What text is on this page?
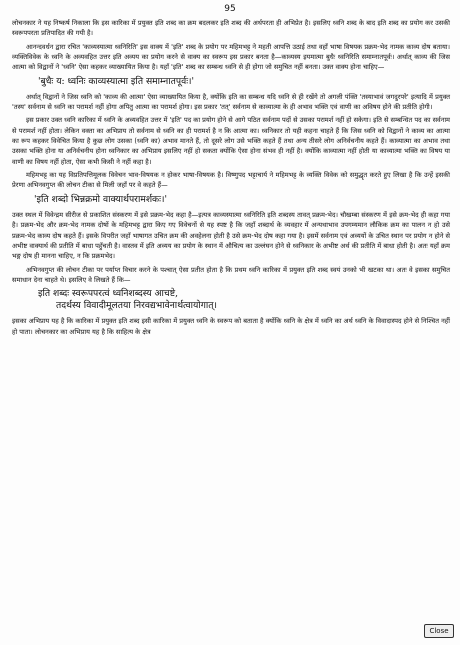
95

लोचनकार ने यह निष्कर्ष निकाला कि इस कारिका में प्रयुक्त इति शब्द का क्रम बदलकर इति शब्द की अर्थपरता ही अभिप्रेत है। इसलिए ध्वनि शब्द के बाद इति शब्द का प्रयोग कर उसकी स्वरूपपरता प्रतिपादित की गयी है।

आनन्दवर्धन द्वारा रचित 'काव्यस्यात्मा ध्वनिरिति' इस वाक्य में 'इति' शब्द के प्रयोग पर महिमभट्ट ने महती आपत्ति उठाई तथा वहाँ भाषा विषयक प्रक्रम-भेद नामक काव्य दोष बताया। व्यक्तिविवेक के ध्वनि के अव्यवहित उत्तर इति अव्यय का प्रयोग करने से वाक्य का स्वरूप इस प्रकार बनता है—काव्यस्य इयमात्मा बुधैः ध्वनिरिति समाम्नातपूर्वः। अर्थात् काव्य की जिस आत्मा को विद्वानों ने 'ध्वनि' ऐसा कहकर व्याख्यायित किया है। यहाँ 'इति' शब्द का सम्बन्ध ध्वनि से ही होगा जो समुचित नहीं बनता। उक्त वाक्य होना चाहिए—

'बुधैः य: ध्वनिः काव्यस्यात्मा इति समाम्नातपूर्वः।'

अर्थात् विद्वानों ने जिस ध्वनि को 'काव्य की आत्मा' ऐसा व्याख्यायित किया है, क्योंकि इति का सम्बन्ध यदि ध्वनि से ही रखेंगे तो अगली पंक्ति 'तस्याभावं जगदुरपरे' इत्यादि में प्रयुक्त 'तस्य' सर्वनाम से ध्वनि का परामर्श नहीं होगा अपितु आत्मा का परामर्श होगा। इस प्रकार 'तत्' सर्वनाम से काव्यात्मा के ही अभाव भक्ति एवं वाणी का अविषय होने की प्रतीति होगी।

इस प्रकार उक्त ध्वनि कारिका में ध्वनि के अव्यवहित उत्तर में 'इति' पद का प्रयोग होने से आगे पठित सर्वनाम पदों से उसका परामर्श नहीं हो सकेगा। इति से सम्बन्धित पद का सर्वनाम से परामर्श नहीं होता। लेकिन वक्ता का अभिप्राय तो सर्वनाम से ध्वनि का ही परामर्श है न कि आत्मा का। ध्वनिकार तो यही कहना चाहते हैं कि जिस ध्वनि को विद्वानों ने काव्य का आत्मा का रूप कहकर विवेचित किया है कुछ लोग उसका (ध्वनि का) अभाव मानते हैं, तो दूसरे लोग उसे भक्ति कहते हैं तथा अन्य तीसरे लोग अनिर्वचनीय कहते हैं। काव्यात्मा का अभाव तथा उसका भक्ति होना या अनिर्वचनीय होना ध्वनिकार का अभिप्राय इसलिए नहीं हो सकता क्योंकि ऐसा होना संभव ही नहीं है। क्योंकि काव्यात्मा नहीं होती या काव्यात्मा भक्ति का विषय या वाणी का विषय नहीं होता, ऐसा कभी किसी ने नहीं कहा है।

महिमभट्ट का यह विप्रतिपत्तिमूलक विवेचन भाव-विषयक न होकर भाषा-विषयक है। विष्णुपद भट्टाचार्य ने महिमभट्ट के व्यक्ति विवेक को समुद्धृत करते हुए लिखा है कि उन्हें इसकी प्रेरणा अभिनवगुप्त की लोचन टीका से मिली जहाँ पर वे कहते हैं—

'इति शब्दो भिन्नक्रमो वाक्यार्थपरामर्शकः।'

उक्त स्थल में विवेन्द्रम सीरीज से प्रकाशित संस्करण में इसे प्रक्रम-भेद कहा है—इत्यत्र काव्यस्यात्मा ध्वनिरिति इति शब्दस्य तावत् प्रक्रम-भेद। चौखम्बा संस्करण में इसे क्रम-भेद ही कहा गया है। प्रक्रम-भेद और क्रम-भेद नामक दोषों के महिमभट्ट द्वारा किए गए विवेचनों से यह स्पष्ट है कि जहाँ शब्दार्थ के व्यवहार में अन्यथाभाव उपगम्यमान लौकिक क्रम का पालन न हो उसे प्रक्रम-भेद काव्य दोष कहते हैं। इसके विपरीत जहाँ भाषागत उचित क्रम की अवहेलना होती है उसे क्रम-भेद दोष कहा गया है। इसमें सर्वनाम एवं अव्ययों के उचित स्थान पर प्रयोग न होने से अभीष्ट वाक्यार्थ की प्रतीति में बाधा पहुँचती है। वास्तव में इति अव्यय का प्रयोग के स्थान में औचित्य का उल्लंघन होने से ध्वनिकार के अभीष्ट अर्थ की प्रतीति में बाधा होती है। अतः यहाँ क्रम भङ्ग दोष ही मानना चाहिए, न कि प्रक्रमभेद।

अभिनवगुप्त की लोचन टीका पर पर्याप्त विचार करने के पश्चात् ऐसा प्रतीत होता है कि प्रथम ध्वनि कारिका में प्रयुक्त इति शब्द स्वयं उनको भी खटका था। अतः वे इसका समुचित समाधान देना चाहते थे। इसलिए वे लिखते हैं कि—

इति शब्दः स्वरूपपरत्वं ध्वनिशब्दस्य आचष्टे,
तदर्थस्य विवादीमूलतया निरवद्यभावेनार्थत्वायोगात्।

इसका अभिप्राय यह है कि कारिका में प्रयुक्त इति शब्द इसी कारिका में प्रयुक्त ध्वनि के स्वरूप को बताता है क्योंकि ध्वनि के क्षेत्र में ध्वनि का अर्थ ध्वनि के विवादास्पद होने से निश्चित नहीं हो पाता। लोचनकार का अभिप्राय यह है कि साहित्य के क्षेत्र

Close
